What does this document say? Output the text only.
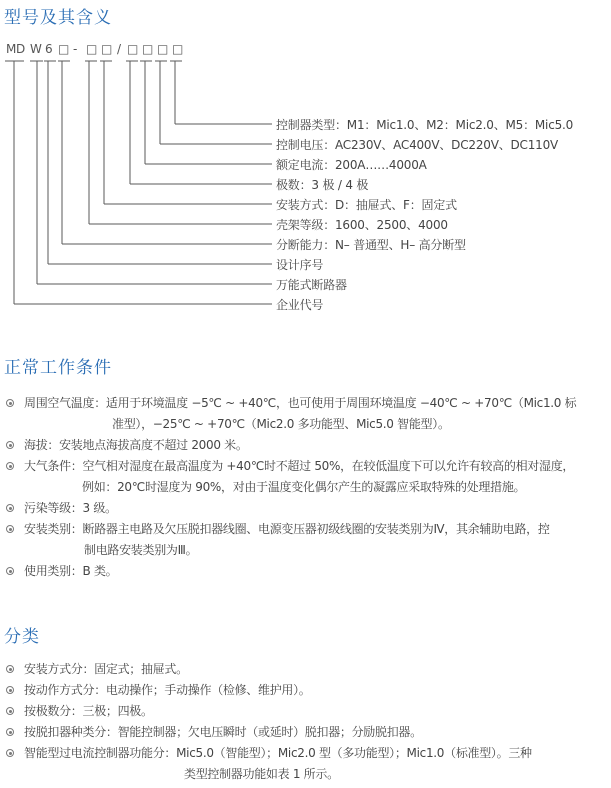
型号及其含义
M D W 6 □ - □ □ / □ □ □ □
控制器类型：M1：Mic1.0、M2：Mic2.0、M5：Mic5.0
控制电压：AC230V、AC400V、DC220V、DC110V
额定电流：200A……4000A
极数：3 极 / 4 极
安装方式：D：抽屉式、F：固定式
壳架等级：1600、2500、4000
分断能力：N– 普通型、H– 高分断型
设计序号
万能式断路器
企业代号
正常工作条件
周围空气温度：适用于环境温度 −5℃ ~ +40℃，也可使用于周围环境温度 −40℃ ~ +70℃（Mic1.0 标
准型），−25℃ ~ +70℃（Mic2.0 多功能型、Mic5.0 智能型）。
海拔：安装地点海拔高度不超过 2000 米。
大气条件：空气相对湿度在最高温度为 +40℃时不超过 50%，在较低温度下可以允许有较高的相对湿度，
例如：20℃时湿度为 90%，对由于温度变化偶尔产生的凝露应采取特殊的处理措施。
污染等级：3 级。
安装类别：断路器主电路及欠压脱扣器线圈、电源变压器初级线圈的安装类别为Ⅳ，其余辅助电路，控
制电路安装类别为Ⅲ。
使用类别：B 类。
分类
安装方式分：固定式；抽屉式。
按动作方式分：电动操作；手动操作（检修、维护用）。
按极数分：三极；四极。
按脱扣器种类分：智能控制器；欠电压瞬时（或延时）脱扣器；分励脱扣器。
智能型过电流控制器功能分：Mic5.0（智能型）；Mic2.0 型（多功能型）；Mic1.0（标准型）。三种
类型控制器功能如表 1 所示。
